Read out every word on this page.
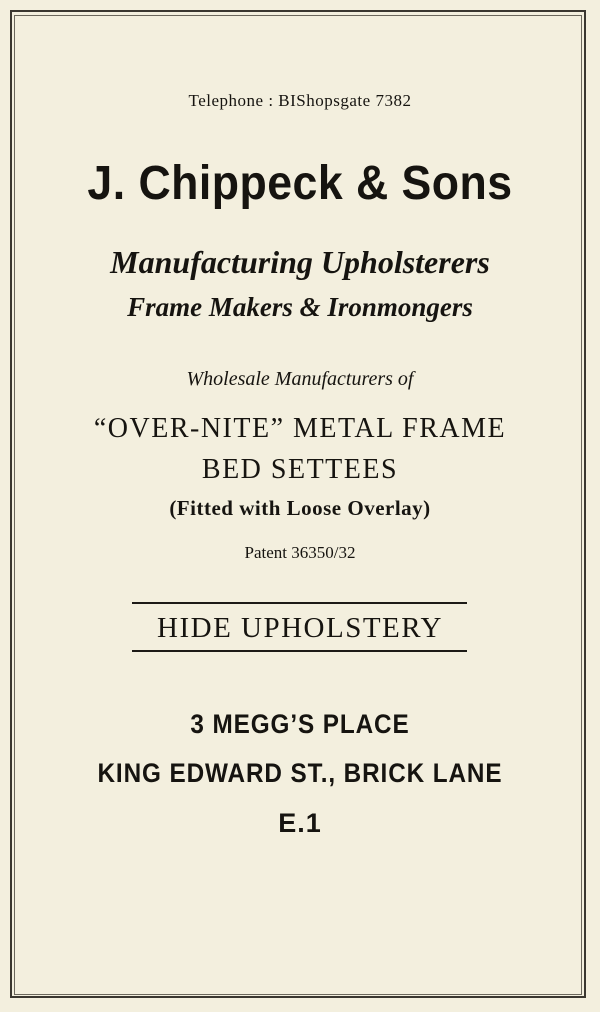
Telephone : BIShopsgate 7382
J. Chippeck & Sons
Manufacturing Upholsterers
Frame Makers & Ironmongers
Wholesale Manufacturers of
“OVER-NITE” METAL FRAME
BED SETTEES
(Fitted with Loose Overlay)
Patent 36350/32
HIDE UPHOLSTERY
3 MEGG’S PLACE
KING EDWARD ST., BRICK LANE
E.1
